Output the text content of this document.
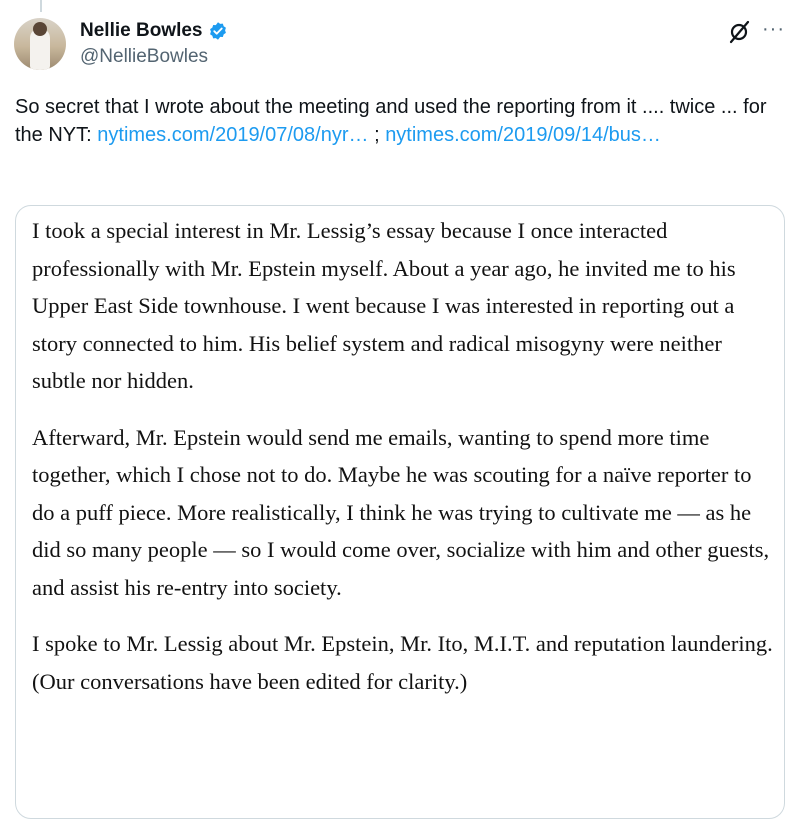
Nellie Bowles
@NellieBowles
···
So secret that I wrote about the meeting and used the reporting from it .... twice ... for the NYT: nytimes.com/2019/07/08/nyr… ; nytimes.com/2019/09/14/bus…

I took a special interest in Mr. Lessig’s essay because I once interacted professionally with Mr. Epstein myself. About a year ago, he invited me to his Upper East Side townhouse. I went because I was interested in reporting out a story connected to him. His belief system and radical misogyny were neither subtle nor hidden.

Afterward, Mr. Epstein would send me emails, wanting to spend more time together, which I chose not to do. Maybe he was scouting for a naïve reporter to do a puff piece. More realistically, I think he was trying to cultivate me — as he did so many people — so I would come over, socialize with him and other guests, and assist his re-entry into society.

I spoke to Mr. Lessig about Mr. Epstein, Mr. Ito, M.I.T. and reputation laundering. (Our conversations have been edited for clarity.)
